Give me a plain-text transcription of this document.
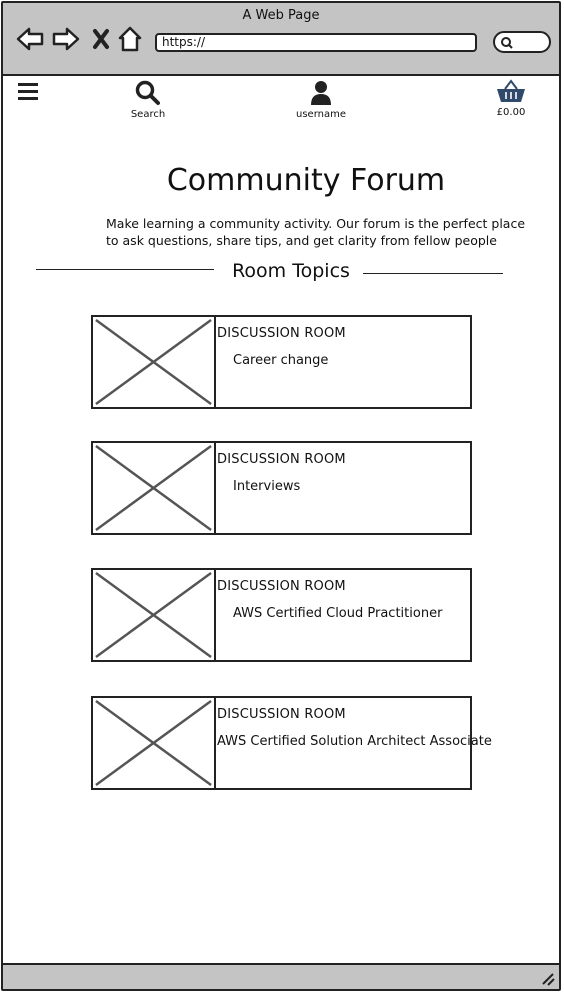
A Web Page
https://
Search	username	£0.00
Community Forum
Make learning a community activity. Our forum is the perfect place to ask questions, share tips, and get clarity from fellow people
Room Topics
DISCUSSION ROOM
Career change
DISCUSSION ROOM
Interviews
DISCUSSION ROOM
AWS Certified Cloud Practitioner
DISCUSSION ROOM
AWS Certified Solution Architect Associate
